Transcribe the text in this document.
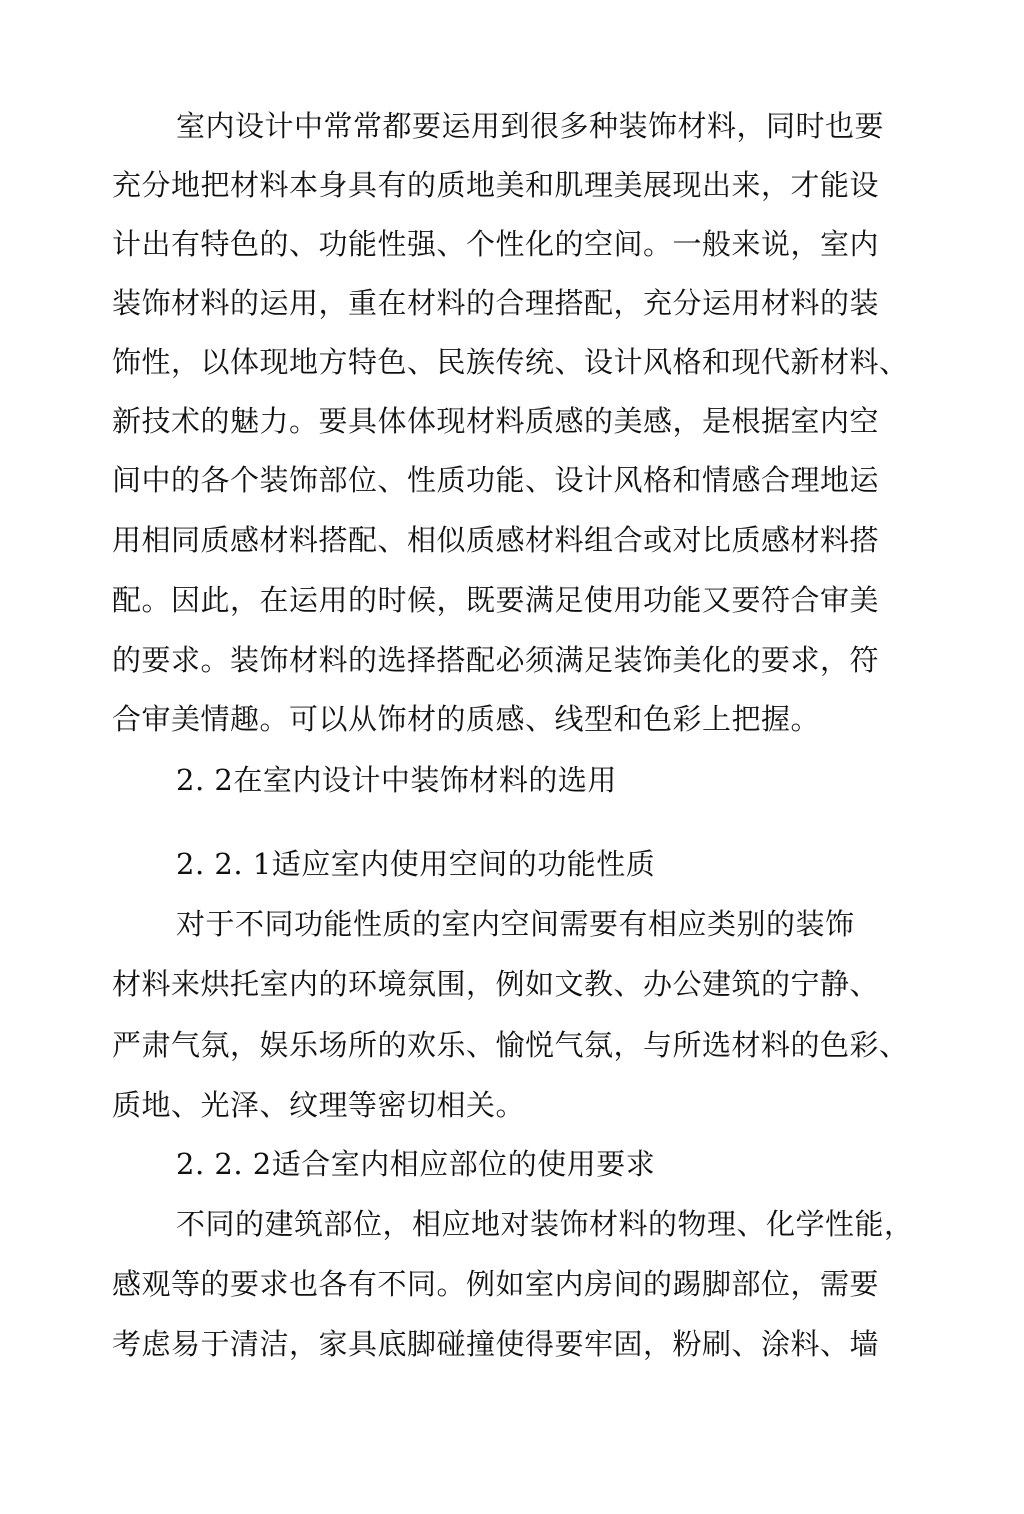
室内设计中常常都要运用到很多种装饰材料，同时也要
充分地把材料本身具有的质地美和肌理美展现出来，才能设
计出有特色的、功能性强、个性化的空间。一般来说，室内
装饰材料的运用，重在材料的合理搭配，充分运用材料的装
饰性，以体现地方特色、民族传统、设计风格和现代新材料、
新技术的魅力。要具体体现材料质感的美感，是根据室内空
间中的各个装饰部位、性质功能、设计风格和情感合理地运
用相同质感材料搭配、相似质感材料组合或对比质感材料搭
配。因此，在运用的时候，既要满足使用功能又要符合审美
的要求。装饰材料的选择搭配必须满足装饰美化的要求，符
合审美情趣。可以从饰材的质感、线型和色彩上把握。
2. 2在室内设计中装饰材料的选用
2. 2. 1适应室内使用空间的功能性质
对于不同功能性质的室内空间需要有相应类别的装饰
材料来烘托室内的环境氛围，例如文教、办公建筑的宁静、
严肃气氛，娱乐场所的欢乐、愉悦气氛，与所选材料的色彩、
质地、光泽、纹理等密切相关。
2. 2. 2适合室内相应部位的使用要求
不同的建筑部位，相应地对装饰材料的物理、化学性能，
感观等的要求也各有不同。例如室内房间的踢脚部位，需要
考虑易于清洁，家具底脚碰撞使得要牢固，粉刷、涂料、墙
